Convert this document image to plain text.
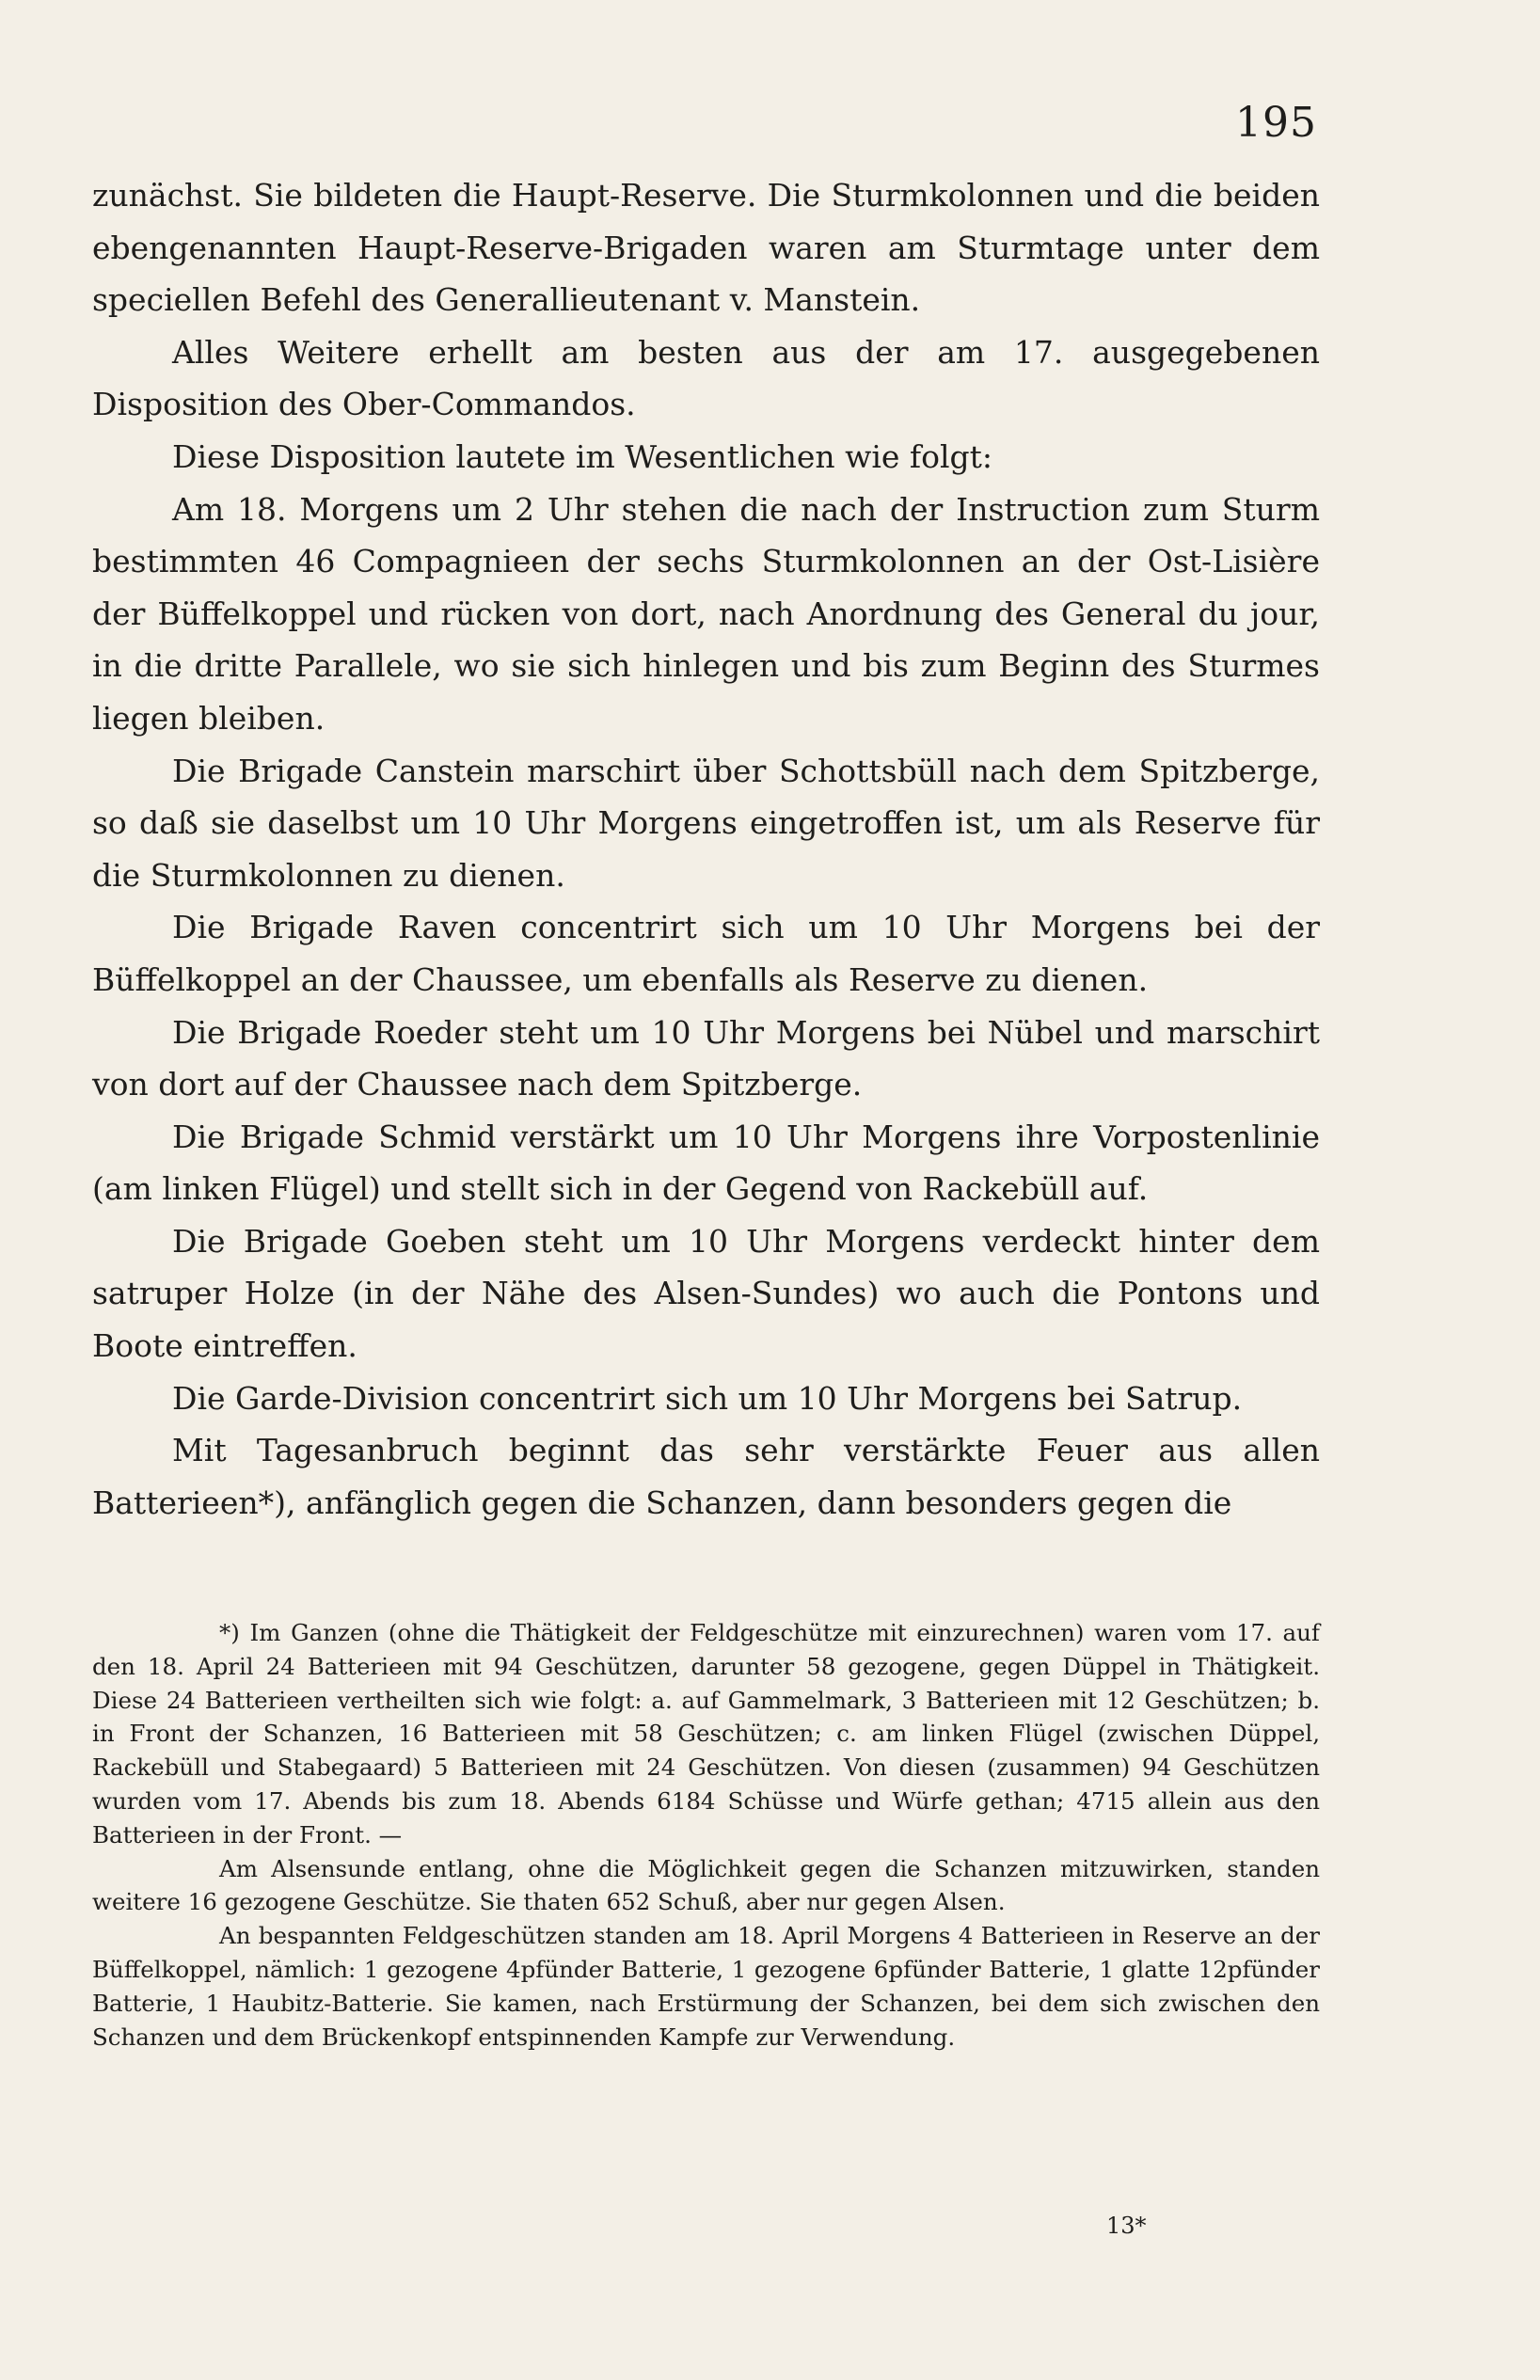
195

zunächst. Sie bildeten die Haupt-Reserve. Die Sturmkolonnen und die beiden ebengenannten Haupt-Reserve-Brigaden waren am Sturmtage unter dem speciellen Befehl des Generallieutenant v. Manstein.

Alles Weitere erhellt am besten aus der am 17. ausgegebenen Disposition des Ober-Commandos.

Diese Disposition lautete im Wesentlichen wie folgt:

Am 18. Morgens um 2 Uhr stehen die nach der Instruction zum Sturm bestimmten 46 Compagnieen der sechs Sturmkolonnen an der Ost-Lisière der Büffelkoppel und rücken von dort, nach Anordnung des General du jour, in die dritte Parallele, wo sie sich hinlegen und bis zum Beginn des Sturmes liegen bleiben.

Die Brigade Canstein marschirt über Schottsbüll nach dem Spitzberge, so daß sie daselbst um 10 Uhr Morgens eingetroffen ist, um als Reserve für die Sturmkolonnen zu dienen.

Die Brigade Raven concentrirt sich um 10 Uhr Morgens bei der Büffelkoppel an der Chaussee, um ebenfalls als Reserve zu dienen.

Die Brigade Roeder steht um 10 Uhr Morgens bei Nübel und marschirt von dort auf der Chaussee nach dem Spitzberge.

Die Brigade Schmid verstärkt um 10 Uhr Morgens ihre Vorpostenlinie (am linken Flügel) und stellt sich in der Gegend von Rackebüll auf.

Die Brigade Goeben steht um 10 Uhr Morgens verdeckt hinter dem satruper Holze (in der Nähe des Alsen-Sundes) wo auch die Pontons und Boote eintreffen.

Die Garde-Division concentrirt sich um 10 Uhr Morgens bei Satrup.

Mit Tagesanbruch beginnt das sehr verstärkte Feuer aus allen Batterieen*), anfänglich gegen die Schanzen, dann besonders gegen die

*) Im Ganzen (ohne die Thätigkeit der Feldgeschütze mit einzurechnen) waren vom 17. auf den 18. April 24 Batterieen mit 94 Geschützen, darunter 58 gezogene, gegen Düppel in Thätigkeit. Diese 24 Batterieen vertheilten sich wie folgt: a. auf Gammelmark, 3 Batterieen mit 12 Geschützen; b. in Front der Schanzen, 16 Batterieen mit 58 Geschützen; c. am linken Flügel (zwischen Düppel, Rackebüll und Stabegaard) 5 Batterieen mit 24 Geschützen. Von diesen (zusammen) 94 Geschützen wurden vom 17. Abends bis zum 18. Abends 6184 Schüsse und Würfe gethan; 4715 allein aus den Batterieen in der Front. —

Am Alsensunde entlang, ohne die Möglichkeit gegen die Schanzen mitzuwirken, standen weitere 16 gezogene Geschütze. Sie thaten 652 Schuß, aber nur gegen Alsen.

An bespannten Feldgeschützen standen am 18. April Morgens 4 Batterieen in Reserve an der Büffelkoppel, nämlich: 1 gezogene 4pfünder Batterie, 1 gezogene 6pfünder Batterie, 1 glatte 12pfünder Batterie, 1 Haubitz-Batterie. Sie kamen, nach Erstürmung der Schanzen, bei dem sich zwischen den Schanzen und dem Brückenkopf entspinnenden Kampfe zur Verwendung.

13*
